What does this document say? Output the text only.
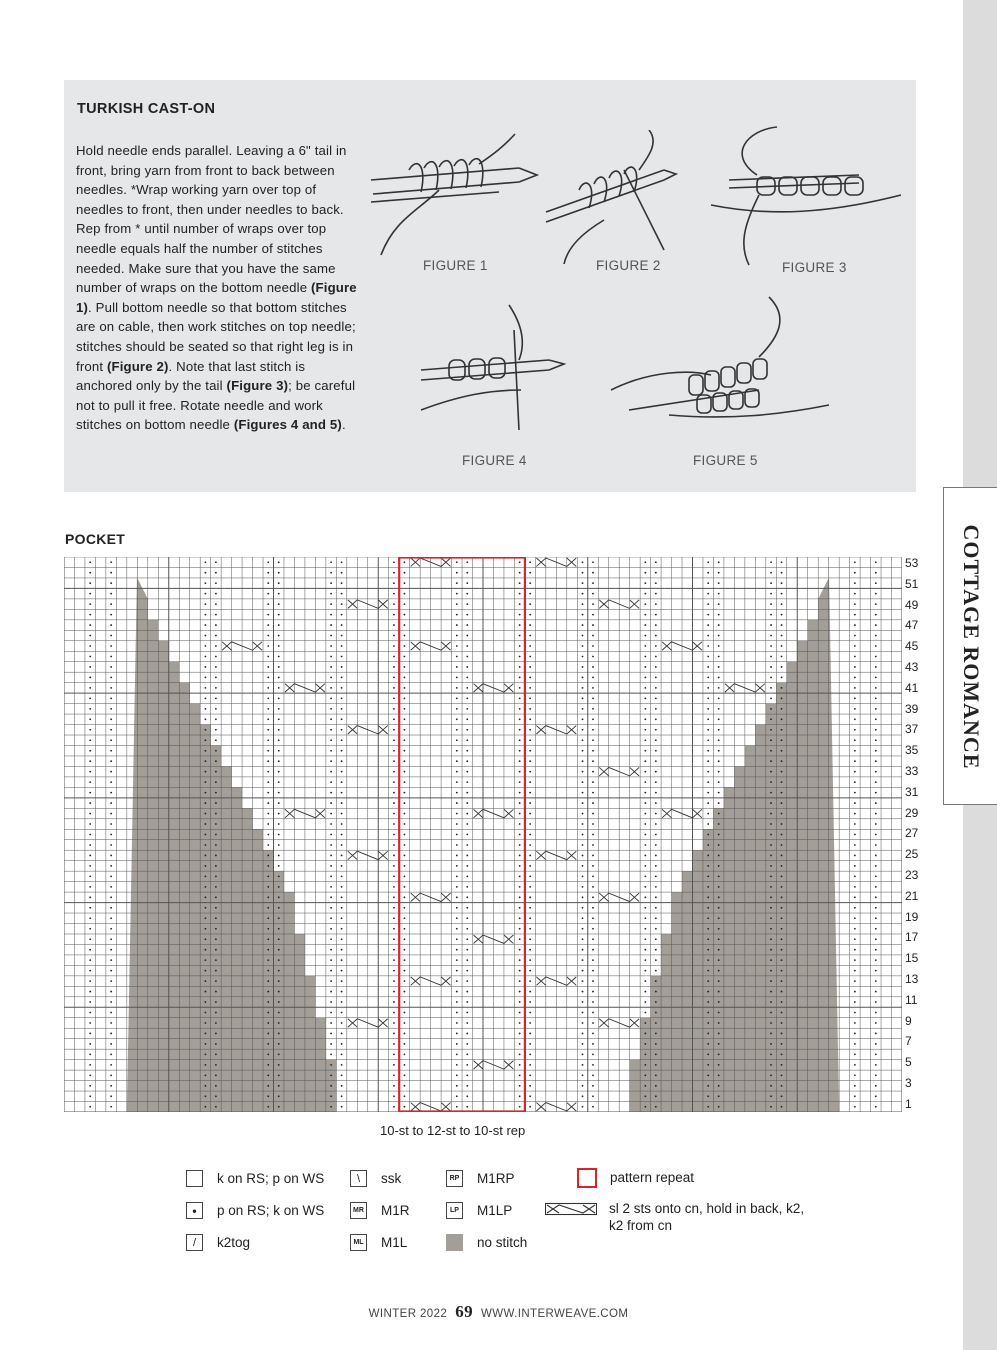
COTTAGE ROMANCE
TURKISH CAST-ON
Hold needle ends parallel. Leaving a 6" tail in front, bring yarn from front to back between needles. *Wrap working yarn over top of needles to front, then under needles to back. Rep from * until number of wraps over top needle equals half the number of stitches needed. Make sure that you have the same number of wraps on the bottom needle (Figure 1). Pull bottom needle so that bottom stitches are on cable, then work stitches on top needle; stitches should be seated so that right leg is in front (Figure 2). Note that last stitch is anchored only by the tail (Figure 3); be careful not to pull it free. Rotate needle and work stitches on bottom needle (Figures 4 and 5).
FIGURE 1	FIGURE 2	FIGURE 3
FIGURE 4	FIGURE 5
POCKET
53
51
49
47
45
43
41
39
37
35
33
31
29
27
25
23
21
19
17
15
13
11
9
7
5
3
1
10-st to 12-st to 10-st rep
k on RS; p on WS
•	p on RS; k on WS
/	k2tog
\	ssk
MR M1R
ML M1L
RP M1RP
LP M1LP
no stitch
pattern repeat
sl 2 sts onto cn, hold in back, k2, k2 from cn
WINTER 2022 69 WWW.INTERWEAVE.COM
